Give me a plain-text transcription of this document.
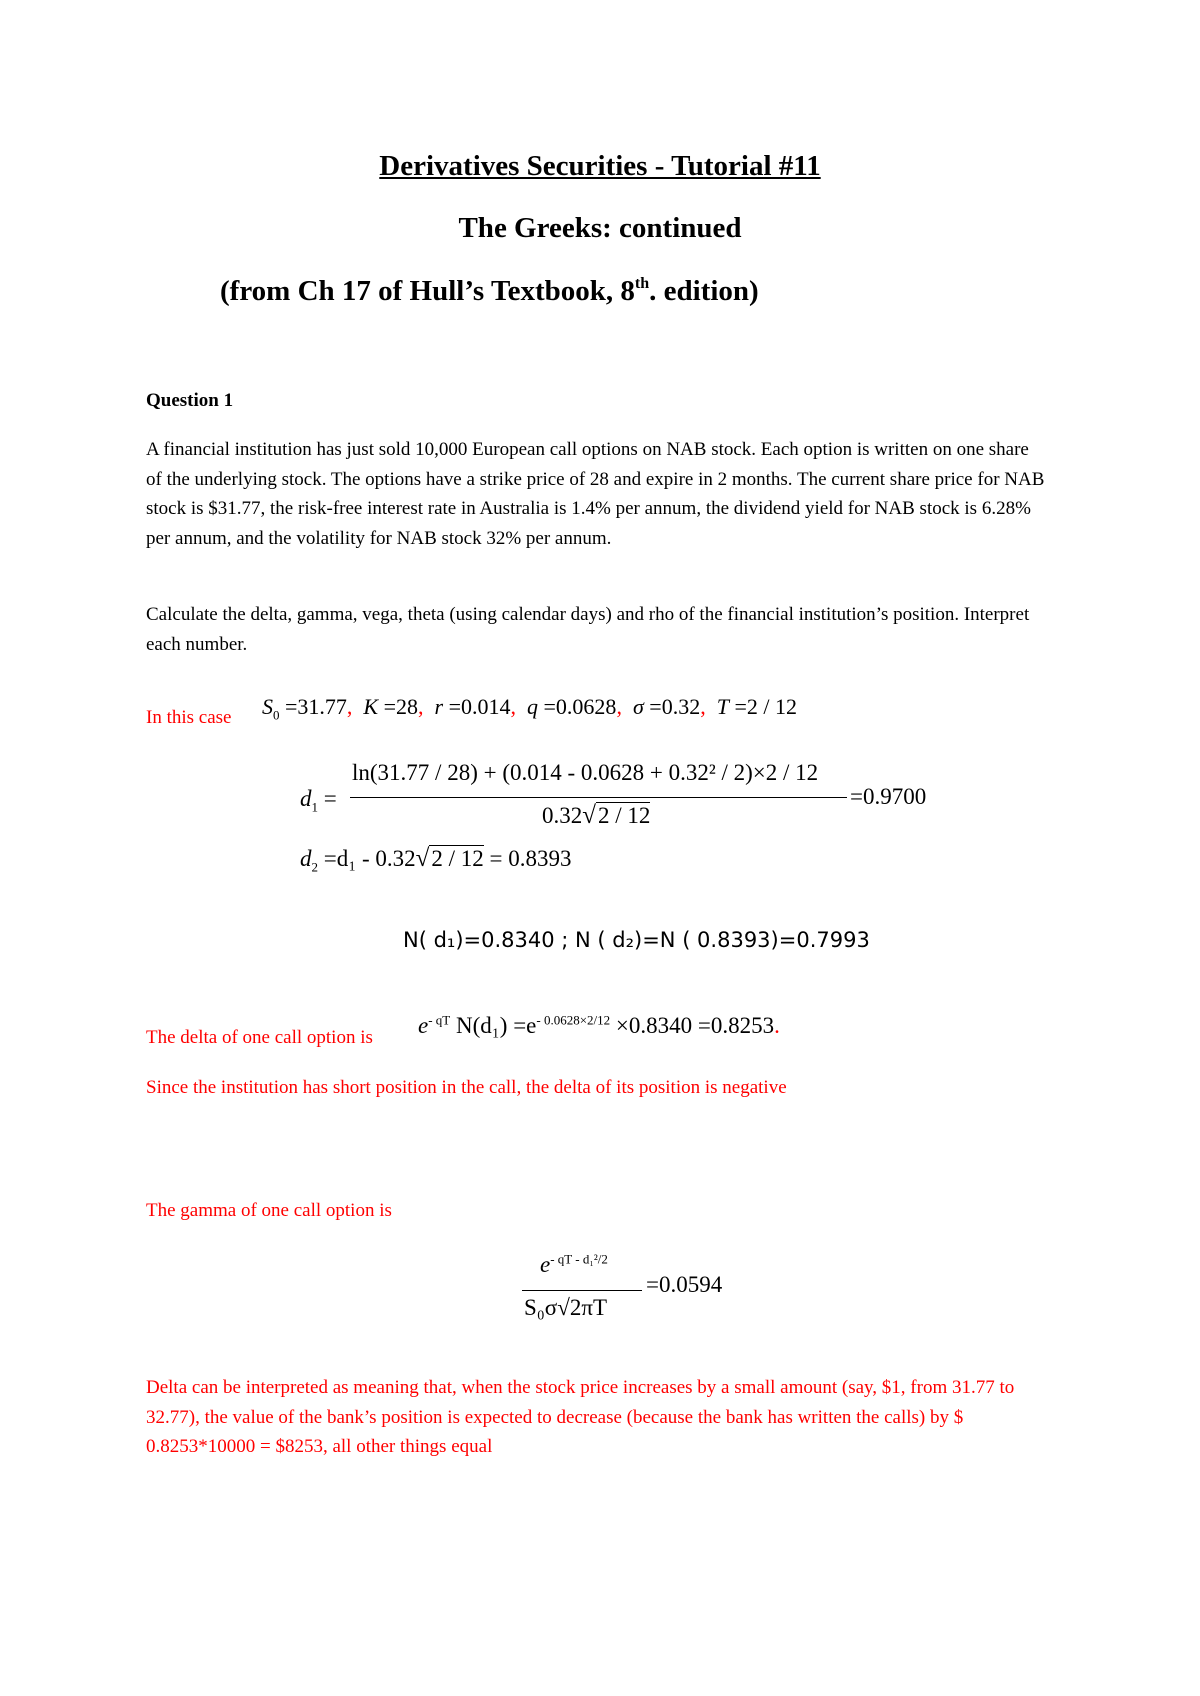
Derivatives Securities - Tutorial #11
The Greeks: continued
(from Ch 17 of Hull’s Textbook, 8th. edition)
Question 1
A financial institution has just sold 10,000 European call options on NAB stock. Each option is written on one share of the underlying stock. The options have a strike price of 28 and expire in 2 months. The current share price for NAB stock is $31.77, the risk-free interest rate in Australia is 1.4% per annum, the dividend yield for NAB stock is 6.28% per annum, and the volatility for NAB stock 32% per annum.
Calculate the delta, gamma, vega, theta (using calendar days) and rho of the financial institution’s position. Interpret each number.
In this case $S_0 =31.77$, K =28, r =0.014, q =0.0628, σ =0.32, T =2 / 12
$d_1$ =
ln(31.77 / 28) + (0.014 - 0.0628 + 0.32² / 2)×2 / 12
0.32√2 / 12
=0.9700
$d_2 =d_1 - 0.32√2 / 12 = 0.8393$
N( d₁)=0.8340 ; N ( d₂)=N ( 0.8393)=0.7993
The delta of one call option is $e^{- qT}$ $N(d_1) =e^{- 0.0628\times 2/12} \times 0.8340 =0.8253$.
Since the institution has short position in the call, the delta of its position is negative
The gamma of one call option is
$e^{- qT - d_1^2/2}$
S₀σ√2πT
=0.0594
Delta can be interpreted as meaning that, when the stock price increases by a small amount (say, $1, from 31.77 to 32.77), the value of the bank’s position is expected to decrease (because the bank has written the calls) by $ 0.8253*10000 = $8253, all other things equal
